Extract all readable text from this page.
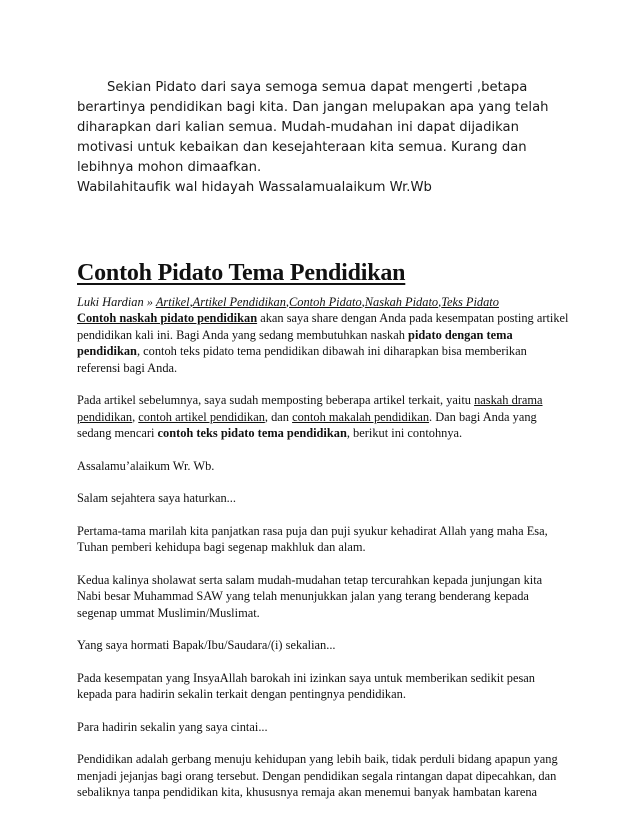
Sekian Pidato dari saya semoga semua dapat mengerti ,betapa berartinya pendidikan bagi kita. Dan jangan melupakan apa yang telah diharapkan dari kalian semua. Mudah-mudahan ini dapat dijadikan motivasi untuk kebaikan dan kesejahteraan kita semua. Kurang dan lebihnya mohon dimaafkan.

Wabilahitaufik wal hidayah Wassalamualaikum Wr.Wb
Contoh Pidato Tema Pendidikan
Luki Hardian » Artikel,Artikel Pendidikan,Contoh Pidato,Naskah Pidato,Teks Pidato

Contoh naskah pidato pendidikan akan saya share dengan Anda pada kesempatan posting artikel pendidikan kali ini. Bagi Anda yang sedang membutuhkan naskah pidato dengan tema pendidikan, contoh teks pidato tema pendidikan dibawah ini diharapkan bisa memberikan referensi bagi Anda.

Pada artikel sebelumnya, saya sudah memposting beberapa artikel terkait, yaitu naskah drama pendidikan, contoh artikel pendidikan, dan contoh makalah pendidikan. Dan bagi Anda yang sedang mencari contoh teks pidato tema pendidikan, berikut ini contohnya.

Assalamu’alaikum Wr. Wb.

Salam sejahtera saya haturkan...

Pertama-tama marilah kita panjatkan rasa puja dan puji syukur kehadirat Allah yang maha Esa, Tuhan pemberi kehidupa bagi segenap makhluk dan alam.

Kedua kalinya sholawat serta salam mudah-mudahan tetap tercurahkan kepada junjungan kita Nabi besar Muhammad SAW yang telah menunjukkan jalan yang terang benderang kepada segenap ummat Muslimin/Muslimat.

Yang saya hormati Bapak/Ibu/Saudara/(i) sekalian...

Pada kesempatan yang InsyaAllah barokah ini izinkan saya untuk memberikan sedikit pesan kepada para hadirin sekalin terkait dengan pentingnya pendidikan.

Para hadirin sekalin yang saya cintai...

Pendidikan adalah gerbang menuju kehidupan yang lebih baik, tidak perduli bidang apapun yang menjadi jejanjas bagi orang tersebut. Dengan pendidikan segala rintangan dapat dipecahkan, dan sebaliknya tanpa pendidikan kita, khususnya remaja akan menemui banyak hambatan karena
